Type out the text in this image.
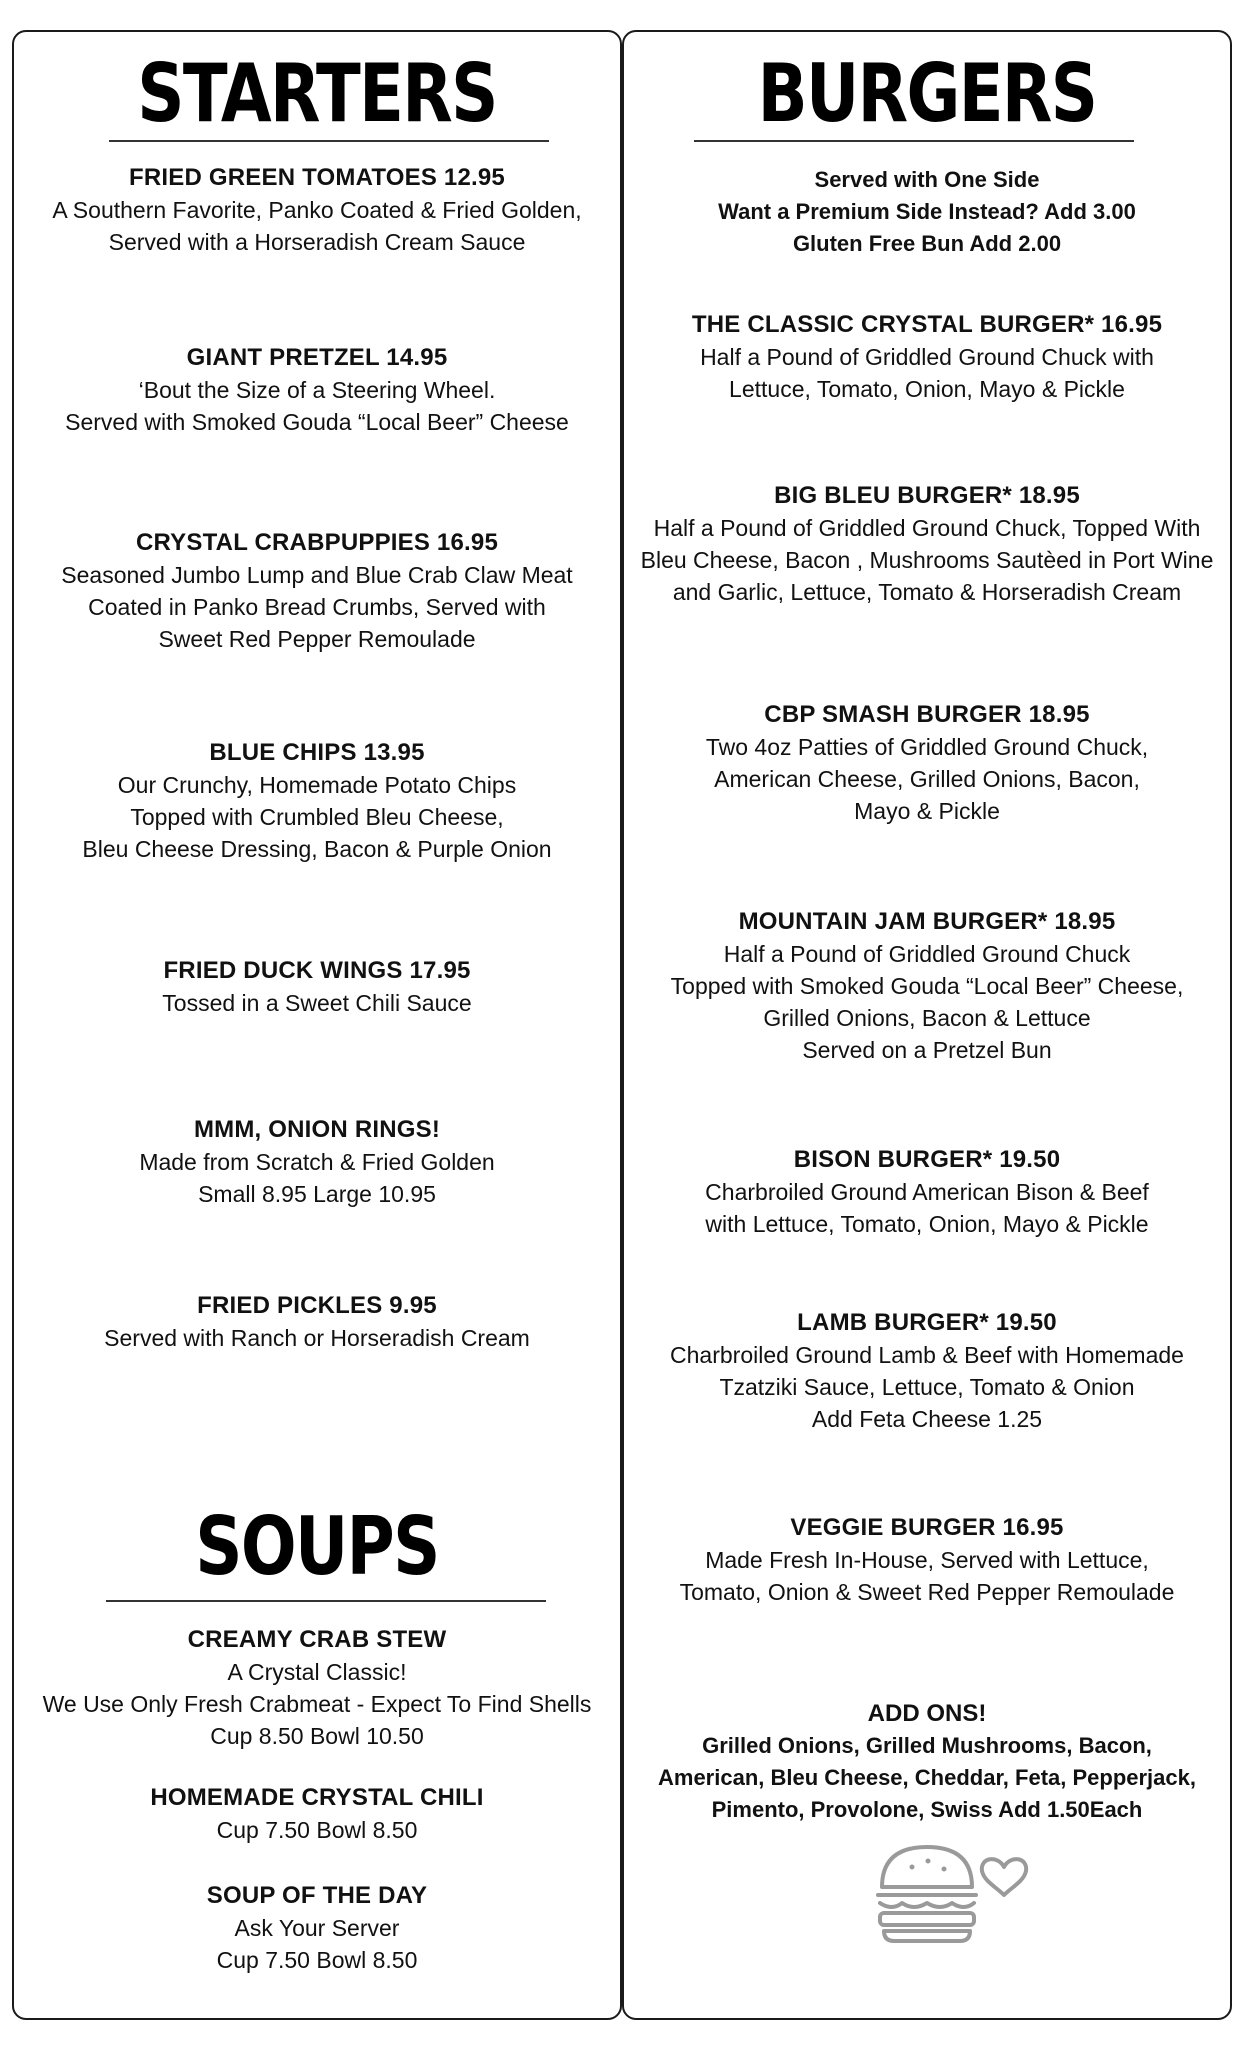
STARTERS
FRIED GREEN TOMATOES 12.95
A Southern Favorite, Panko Coated & Fried Golden,
Served with a Horseradish Cream Sauce
GIANT PRETZEL 14.95
‘Bout the Size of a Steering Wheel.
Served with Smoked Gouda “Local Beer” Cheese
CRYSTAL CRABPUPPIES 16.95
Seasoned Jumbo Lump and Blue Crab Claw Meat
Coated in Panko Bread Crumbs, Served with
Sweet Red Pepper Remoulade
BLUE CHIPS 13.95
Our Crunchy, Homemade Potato Chips
Topped with Crumbled Bleu Cheese,
Bleu Cheese Dressing, Bacon & Purple Onion
FRIED DUCK WINGS 17.95
Tossed in a Sweet Chili Sauce
MMM, ONION RINGS!
Made from Scratch & Fried Golden
Small 8.95 Large 10.95
FRIED PICKLES 9.95
Served with Ranch or Horseradish Cream
SOUPS
CREAMY CRAB STEW
A Crystal Classic!
We Use Only Fresh Crabmeat - Expect To Find Shells
Cup 8.50 Bowl 10.50
HOMEMADE CRYSTAL CHILI
Cup 7.50 Bowl 8.50
SOUP OF THE DAY
Ask Your Server
Cup 7.50 Bowl 8.50
BURGERS
Served with One Side
Want a Premium Side Instead? Add 3.00
Gluten Free Bun Add 2.00
THE CLASSIC CRYSTAL BURGER* 16.95
Half a Pound of Griddled Ground Chuck with
Lettuce, Tomato, Onion, Mayo & Pickle
BIG BLEU BURGER* 18.95
Half a Pound of Griddled Ground Chuck, Topped With
Bleu Cheese, Bacon , Mushrooms Sautèed in Port Wine
and Garlic, Lettuce, Tomato & Horseradish Cream
CBP SMASH BURGER 18.95
Two 4oz Patties of Griddled Ground Chuck,
American Cheese, Grilled Onions, Bacon,
Mayo & Pickle
MOUNTAIN JAM BURGER* 18.95
Half a Pound of Griddled Ground Chuck
Topped with Smoked Gouda “Local Beer” Cheese,
Grilled Onions, Bacon & Lettuce
Served on a Pretzel Bun
BISON BURGER* 19.50
Charbroiled Ground American Bison & Beef
with Lettuce, Tomato, Onion, Mayo & Pickle
LAMB BURGER* 19.50
Charbroiled Ground Lamb & Beef with Homemade
Tzatziki Sauce, Lettuce, Tomato & Onion
Add Feta Cheese 1.25
VEGGIE BURGER 16.95
Made Fresh In-House, Served with Lettuce,
Tomato, Onion & Sweet Red Pepper Remoulade
ADD ONS!
Grilled Onions, Grilled Mushrooms, Bacon,
American, Bleu Cheese, Cheddar, Feta, Pepperjack,
Pimento, Provolone, Swiss Add 1.50Each
